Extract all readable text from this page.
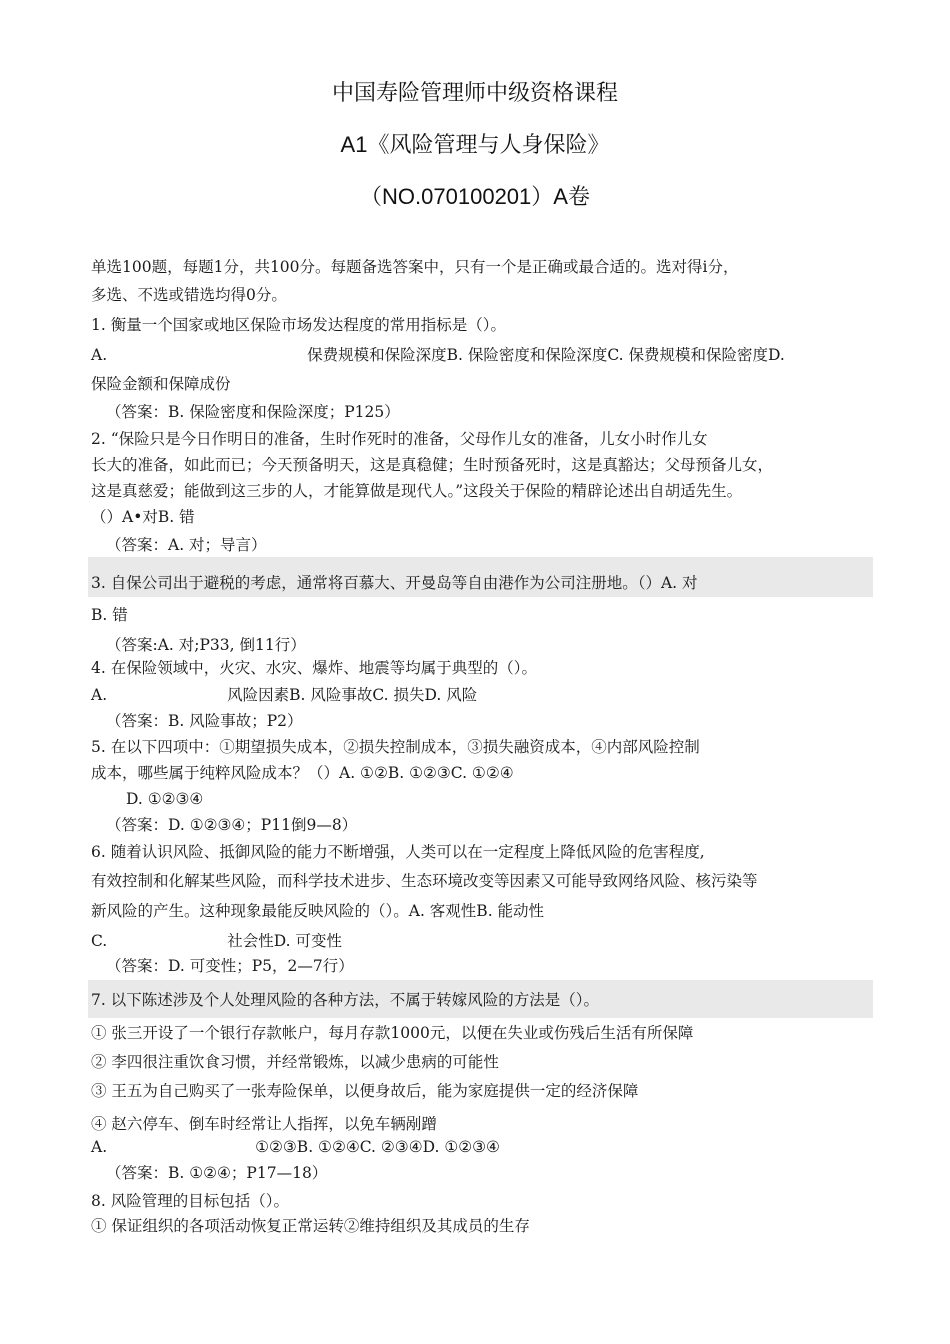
中国寿险管理师中级资格课程
A1《风险管理与人身保险》
（NO.070100201）A卷
单选100题，每题1分，共100分。每题备选答案中，只有一个是正确或最合适的。选对得i分，
多选、不选或错选均得0分。
1. 衡量一个国家或地区保险市场发达程度的常用指标是（）。
A.	保费规模和保险深度B. 保险密度和保险深度C. 保费规模和保险密度D.
保险金额和保障成份
（答案：B. 保险密度和保险深度；P125）
2. “保险只是今日作明日的准备，生时作死时的准备，父母作儿女的准备，儿女小时作儿女
长大的准备，如此而已；今天预备明天，这是真稳健；生时预备死时，这是真豁达；父母预备儿女，
这是真慈爱；能做到这三步的人，才能算做是现代人。”这段关于保险的精辟论述出自胡适先生。
（）A•对B. 错
（答案：A. 对；导言）
3. 自保公司出于避税的考虑，通常将百慕大、开曼岛等自由港作为公司注册地。（）A. 对
B. 错
（答案:A. 对;P33, 倒11行）
4. 在保险领域中，火灾、水灾、爆炸、地震等均属于典型的（）。
A.	风险因素B. 风险事故C. 损失D. 风险
（答案：B. 风险事故；P2）
5. 在以下四项中：①期望损失成本，②损失控制成本，③损失融资成本，④内部风险控制
成本，哪些属于纯粹风险成本？（）A. ①②B. ①②③C. ①②④
D. ①②③④
（答案：D. ①②③④；P11倒9—8）
6. 随着认识风险、抵御风险的能力不断增强，人类可以在一定程度上降低风险的危害程度,
有效控制和化解某些风险，而科学技术进步、生态环境改变等因素又可能导致网络风险、核污染等
新风险的产生。这种现象最能反映风险的（）。A. 客观性B. 能动性
C.	社会性D. 可变性
（答案：D. 可变性；P5，2—7行）
7. 以下陈述涉及个人处理风险的各种方法，不属于转嫁风险的方法是（）。
① 张三开设了一个银行存款帐户，每月存款1000元，以便在失业或伤残后生活有所保障
② 李四很注重饮食习惯，并经常锻炼，以减少患病的可能性
③ 王五为自己购买了一张寿险保单，以便身故后，能为家庭提供一定的经济保障
④ 赵六停车、倒车时经常让人指挥，以免车辆剐蹭
A.	①②③B. ①②④C. ②③④D. ①②③④
（答案：B. ①②④；P17—18）
8. 风险管理的目标包括（）。
① 保证组织的各项活动恢复正常运转②维持组织及其成员的生存
